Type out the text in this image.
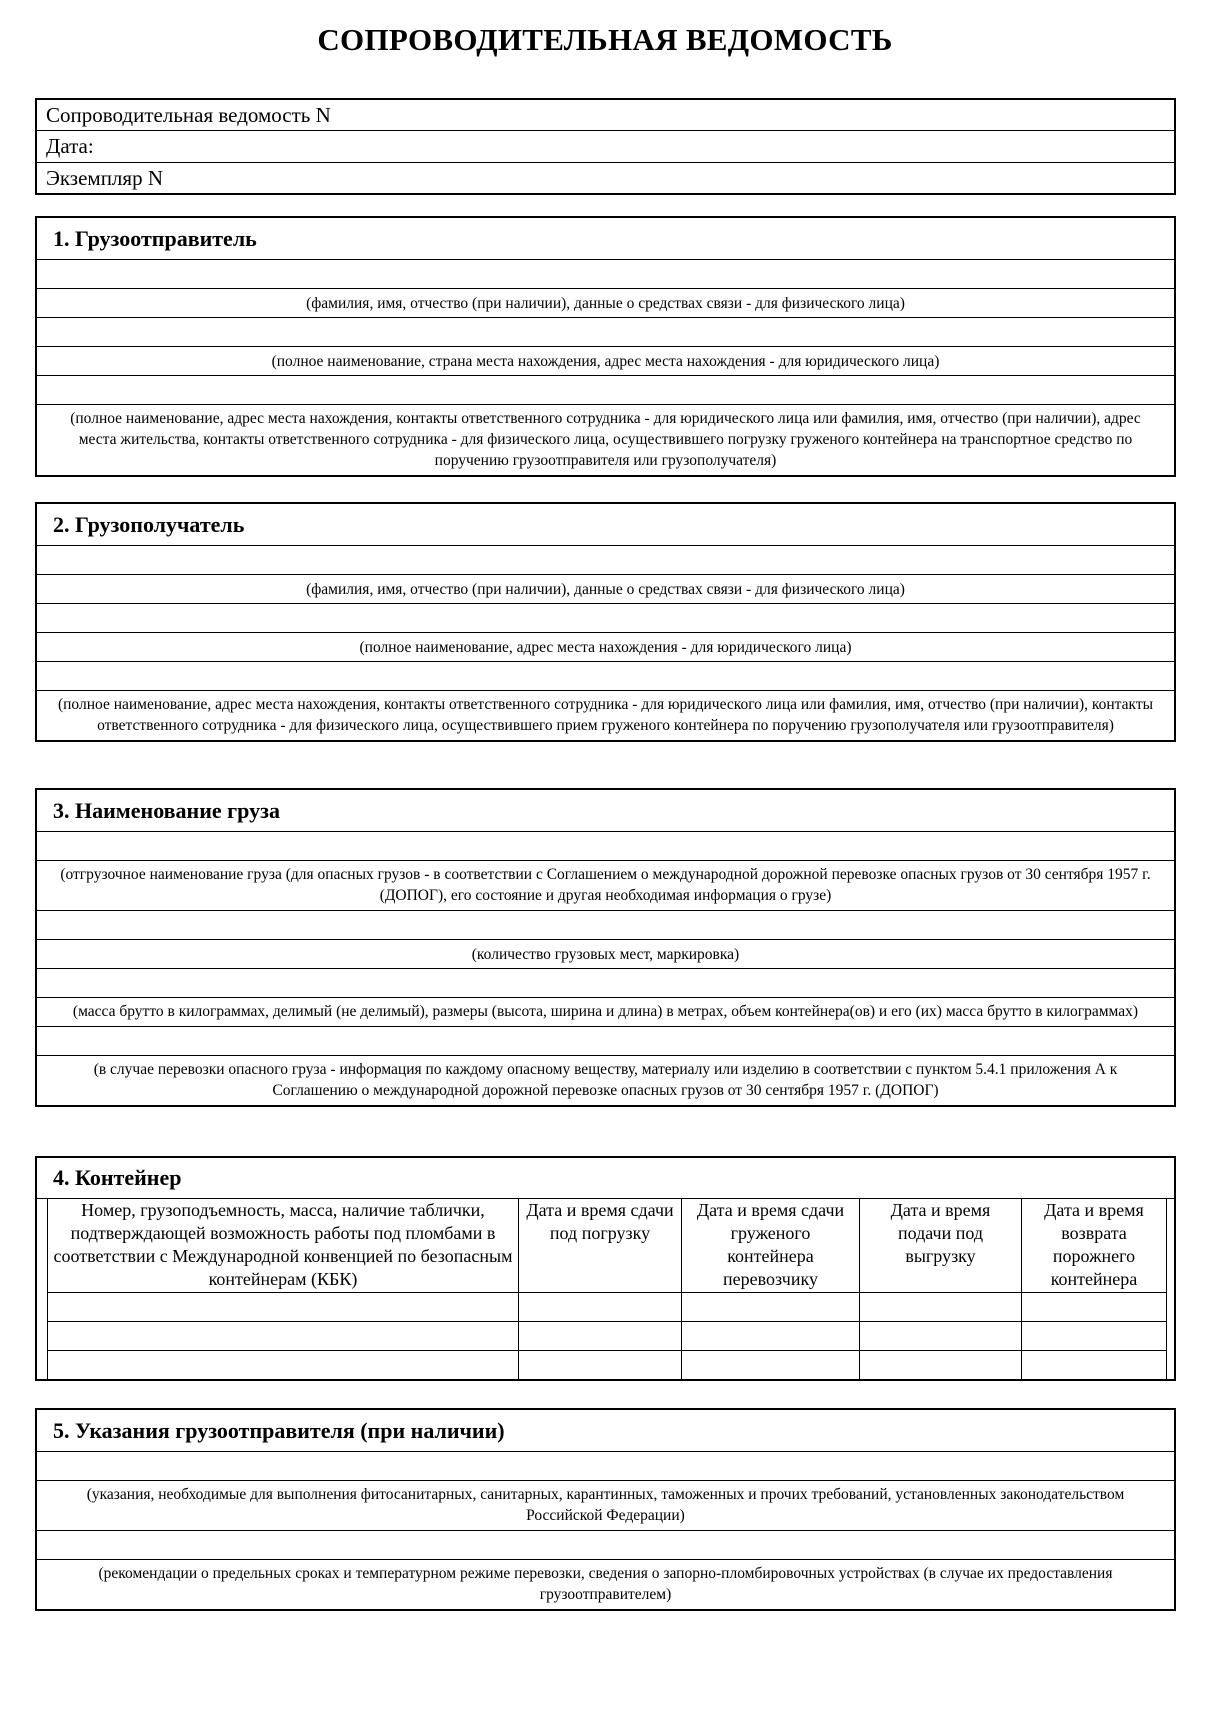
СОПРОВОДИТЕЛЬНАЯ ВЕДОМОСТЬ
Сопроводительная ведомость N
Дата:
Экземпляр N
1. Грузоотправитель
(фамилия, имя, отчество (при наличии), данные о средствах связи - для физического лица)
(полное наименование, страна места нахождения, адрес места нахождения - для юридического лица)
(полное наименование, адрес места нахождения, контакты ответственного сотрудника - для юридического лица или фамилия, имя, отчество (при наличии), адрес места жительства, контакты ответственного сотрудника - для физического лица, осуществившего погрузку груженого контейнера на транспортное средство по поручению грузоотправителя или грузополучателя)
2. Грузополучатель
(фамилия, имя, отчество (при наличии), данные о средствах связи - для физического лица)
(полное наименование, адрес места нахождения - для юридического лица)
(полное наименование, адрес места нахождения, контакты ответственного сотрудника - для юридического лица или фамилия, имя, отчество (при наличии), контакты ответственного сотрудника - для физического лица, осуществившего прием груженого контейнера по поручению грузополучателя или грузоотправителя)
3. Наименование груза
(отгрузочное наименование груза (для опасных грузов - в соответствии с Соглашением о международной дорожной перевозке опасных грузов от 30 сентября 1957 г. (ДОПОГ), его состояние и другая необходимая информация о грузе)
(количество грузовых мест, маркировка)
(масса брутто в килограммах, делимый (не делимый), размеры (высота, ширина и длина) в метрах, объем контейнера(ов) и его (их) масса брутто в килограммах)
(в случае перевозки опасного груза - информация по каждому опасному веществу, материалу или изделию в соответствии с пунктом 5.4.1 приложения А к Соглашению о международной дорожной перевозке опасных грузов от 30 сентября 1957 г. (ДОПОГ)
4. Контейнер
Номер, грузоподъемность, масса, наличие таблички, подтверждающей возможность работы под пломбами в соответствии с Международной конвенцией по безопасным контейнерам (КБК)	Дата и время сдачи под погрузку	Дата и время сдачи груженого контейнера перевозчику	Дата и время подачи под выгрузку	Дата и время возврата порожнего контейнера

5. Указания грузоотправителя (при наличии)
(указания, необходимые для выполнения фитосанитарных, санитарных, карантинных, таможенных и прочих требований, установленных законодательством Российской Федерации)
(рекомендации о предельных сроках и температурном режиме перевозки, сведения о запорно-пломбировочных устройствах (в случае их предоставления грузоотправителем)
